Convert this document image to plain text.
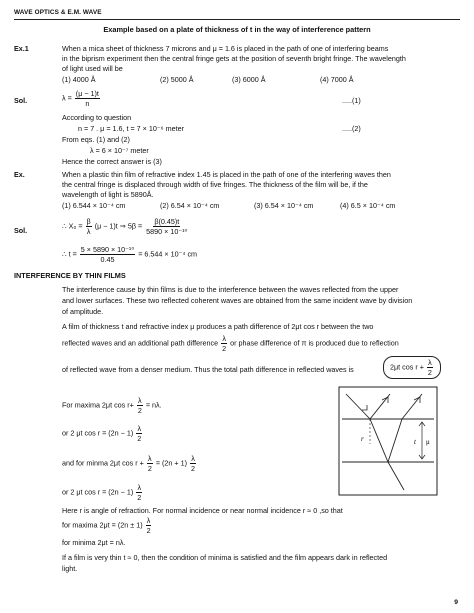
WAVE OPTICS & E.M. WAVE
Example based on a plate of thickness of t in the way of interference pattern
Ex.1	When a mica sheet of thickness 7 microns and μ = 1.6 is placed in the path of one of interfering beams
in the biprism experiment then the central fringe gets at the position of seventh bright fringe. The wavelength
of light used will be
(1) 4000 Å	(2) 5000 Å	(3) 6000 Å	(4) 7000 Å
Sol.	$\lambda = \frac{(\mu - 1)t}{n}$	.....(1)
According to question
n = 7 . μ = 1.6, t = 7 × 10⁻⁶ meter	.....(2)
From eqs. (1) and (2)
λ = 6 × 10⁻⁷ meter
Hence the correct answer is (3)
Ex.	When a plastic thin film of refractive index 1.45 is placed in the path of one of the interfering waves then
the central fringe is displaced through width of five fringes. The thickness of the film will be, if the
wavelength of light is 5890Å.
(1) 6.544 × 10⁻⁴ cm	(2) 6.54 × 10⁻⁴ cm	(3) 6.54 × 10⁻⁴ cm	(4) 6.5 × 10⁻⁴ cm
Sol.
∴ $X_0 = \frac{\beta}{\lambda} (\mu - 1)t$ ⇒ $5\beta = \frac{\beta(0.45)t}{\text{5890 × 10⁻¹⁰}}$
∴ $t = \frac{\text{5 × 5890 × 10⁻¹⁰}}{0.45} = 6.544 \times 10^{-4}$ cm
INTERFERENCE BY THIN FILMS
The interference cause by thin films is due to the interference between the waves reflected from the upper
and lower surfaces. These two reflected coherent waves are obtained from the same incident wave by division
of amplitude.
A film of thickness t and refractive index μ produces a path difference of 2μt cos r between the two
reflected waves and an additional path difference $\frac{\lambda}{2}$ or phase difference of π is produced due to reflection
of reflected wave from a denser medium. Thus the total path difference in reflected waves is	2μt $\cos r + \frac{\lambda}{2}$
For maxima 2μt $\cos r+ \frac{\lambda}{2} = n\lambda$.
or 2 μt $\cos r = (2n - 1) \frac{\lambda}{2}$
and for minma 2μt $\cos r + \frac{\lambda}{2} = (2n + 1) \frac{\lambda}{2}$
or 2 μt $\cos r = (2n - 1) \frac{\lambda}{2}$
Here r is angle of refraction. For normal incidence or near normal incidence r ≈ 0 ,so that
for maxima $2\mu t = (2n \pm 1) \frac{\lambda}{2}$
for minima 2μt = nλ.
If a film is very thin t ≈ 0, then the condition of minima is satisfied and the film appears dark in reflected
light.
r	t μ
9
